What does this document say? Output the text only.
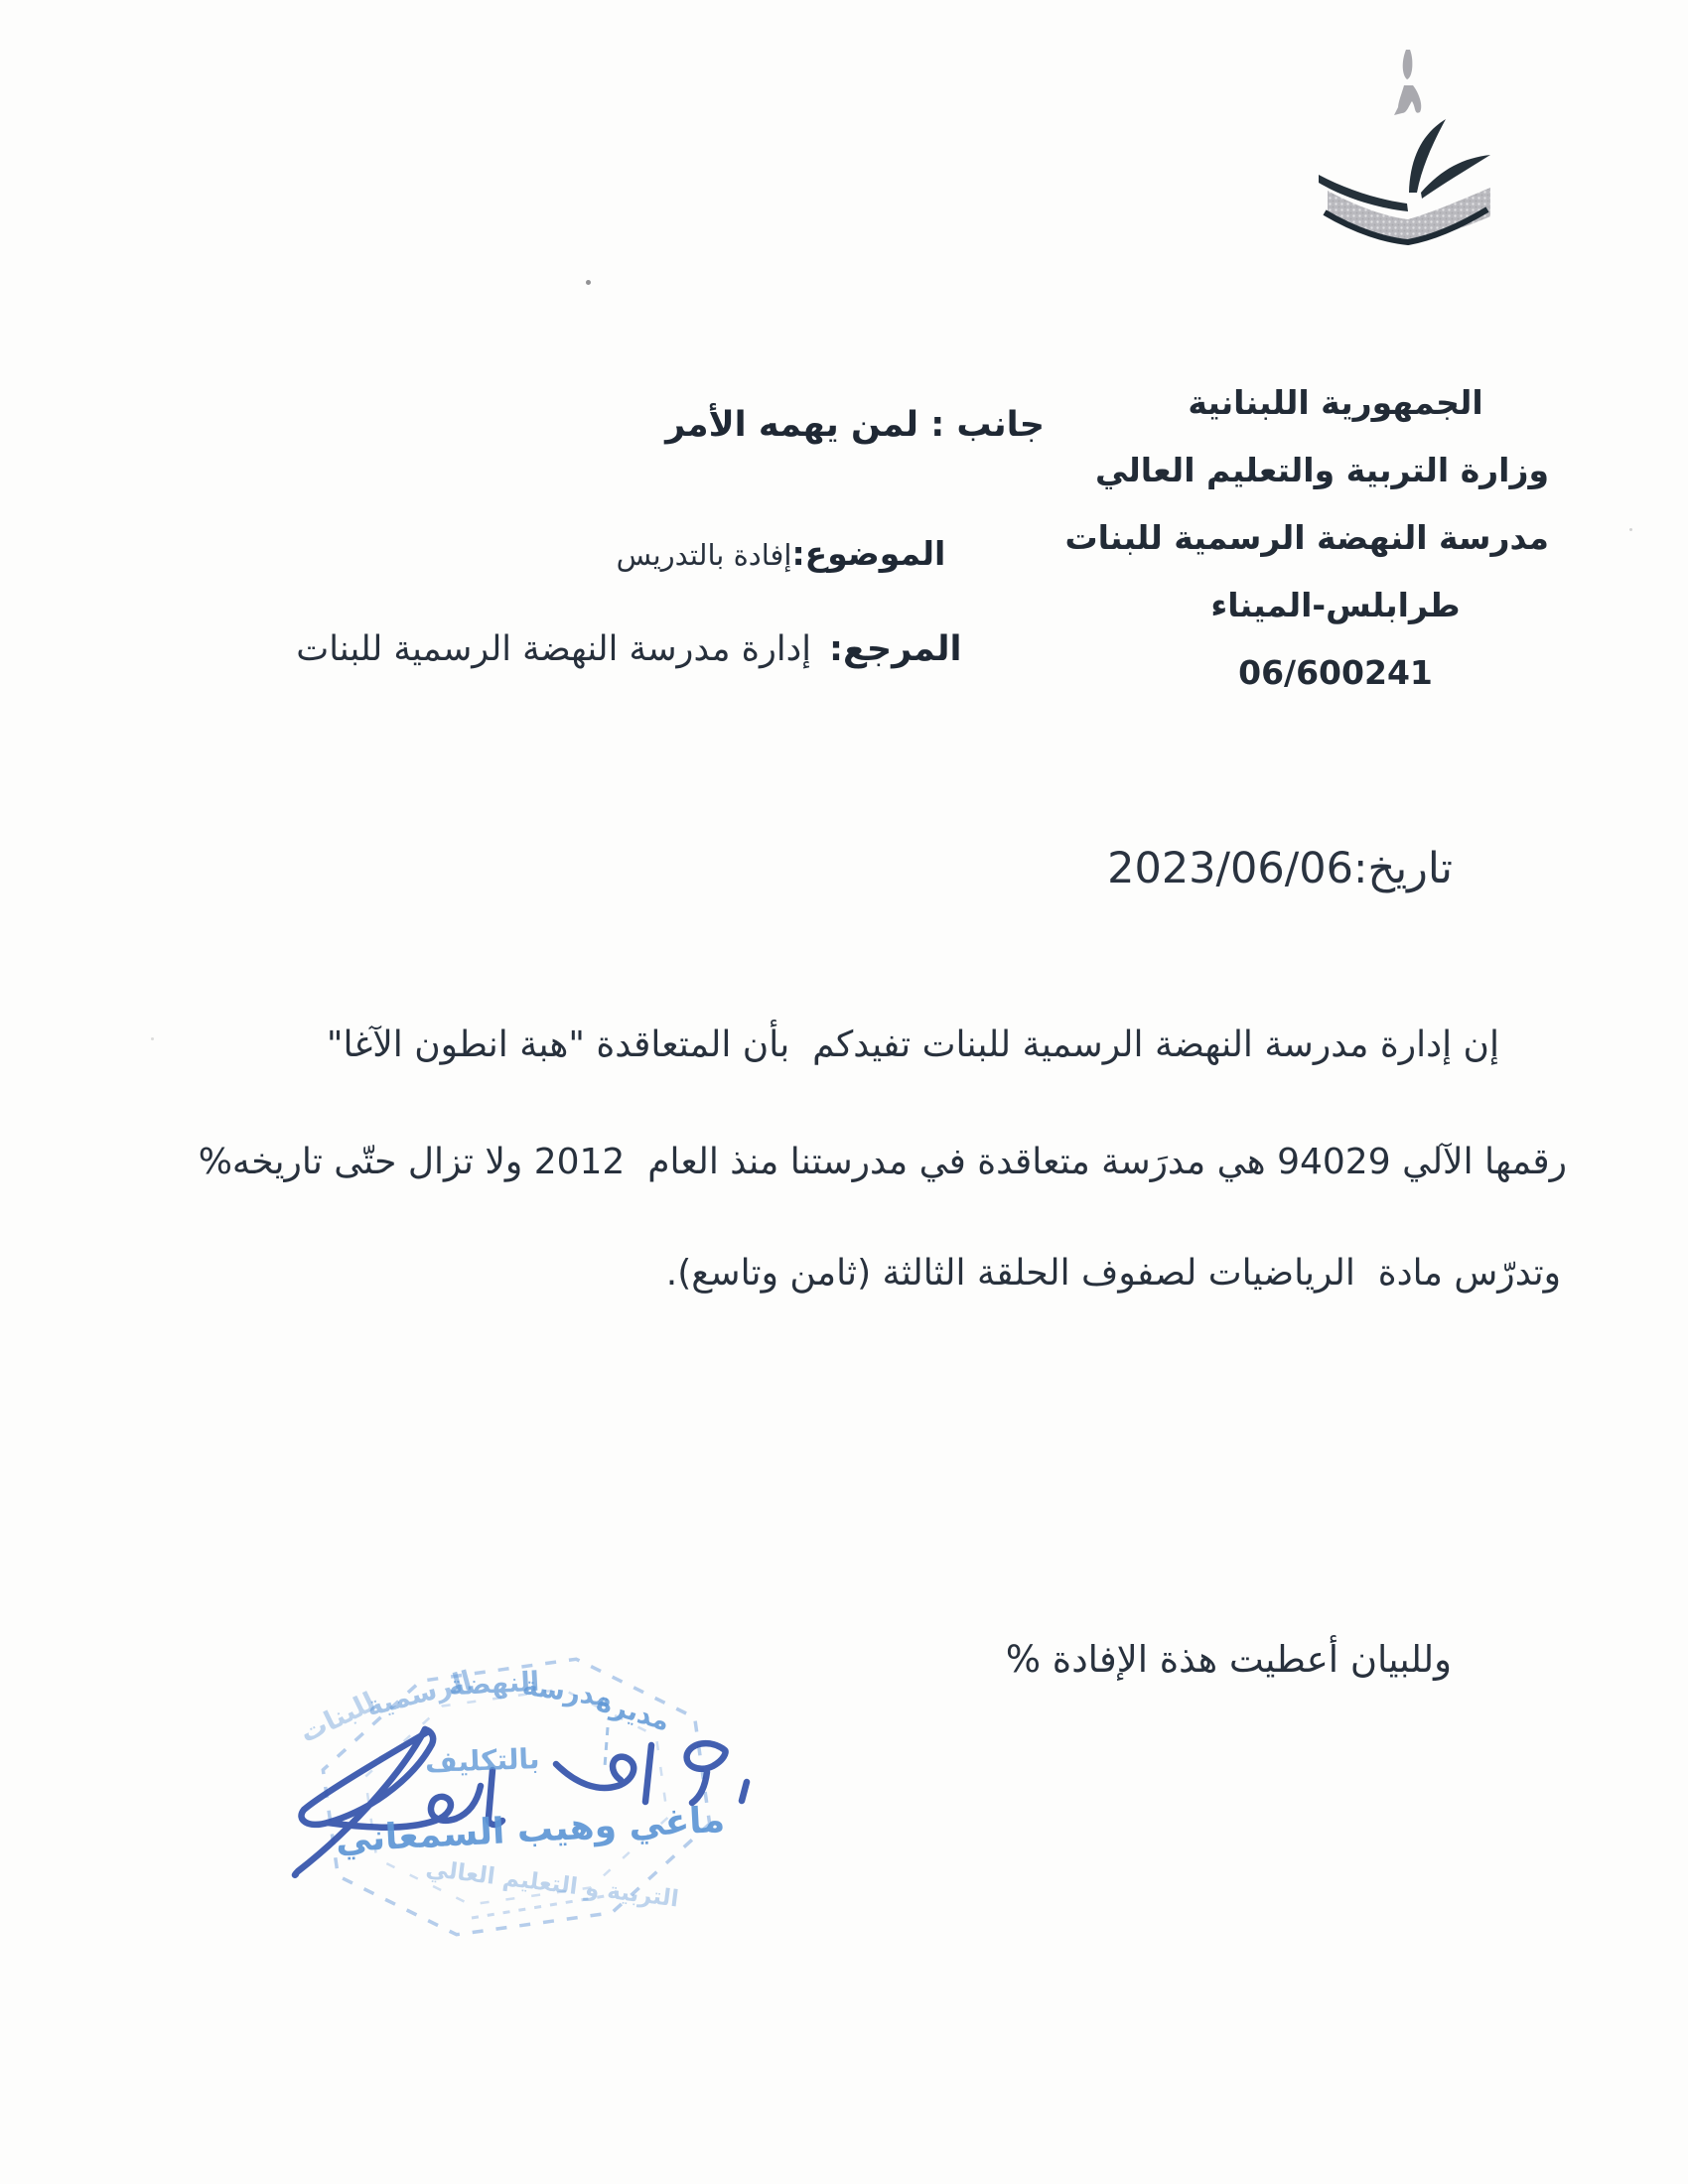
الجمهورية اللبنانية
وزارة التربية والتعليم العالي
مدرسة النهضة الرسمية للبنات
طرابلس-الميناء
06/600241
جانب : لمن يهمه الأمر

الموضوع:إفادة بالتدريس

المرجع:إدارة مدرسة النهضة الرسمية للبنات

تاريخ:2023/06/06
إن إدارة مدرسة النهضة الرسمية للبنات تفيدكم  بأن المتعاقدة "هبة انطون الآغا"
رقمها الآلي 94029 هي مدرَسة متعاقدة في مدرستنا منذ العام  2012 ولا تزال حتّى تاريخه%
وتدرّس مادة  الرياضيات لصفوف الحلقة الثالثة (ثامن وتاسع).
وللبيان أعطيت هذة الإفادة %
مديرة
مدرسة
النهضة
الرسمية
للبنات
بالتكليف
ماغي وهيب السمعاني
التربية و التعليم العالي
